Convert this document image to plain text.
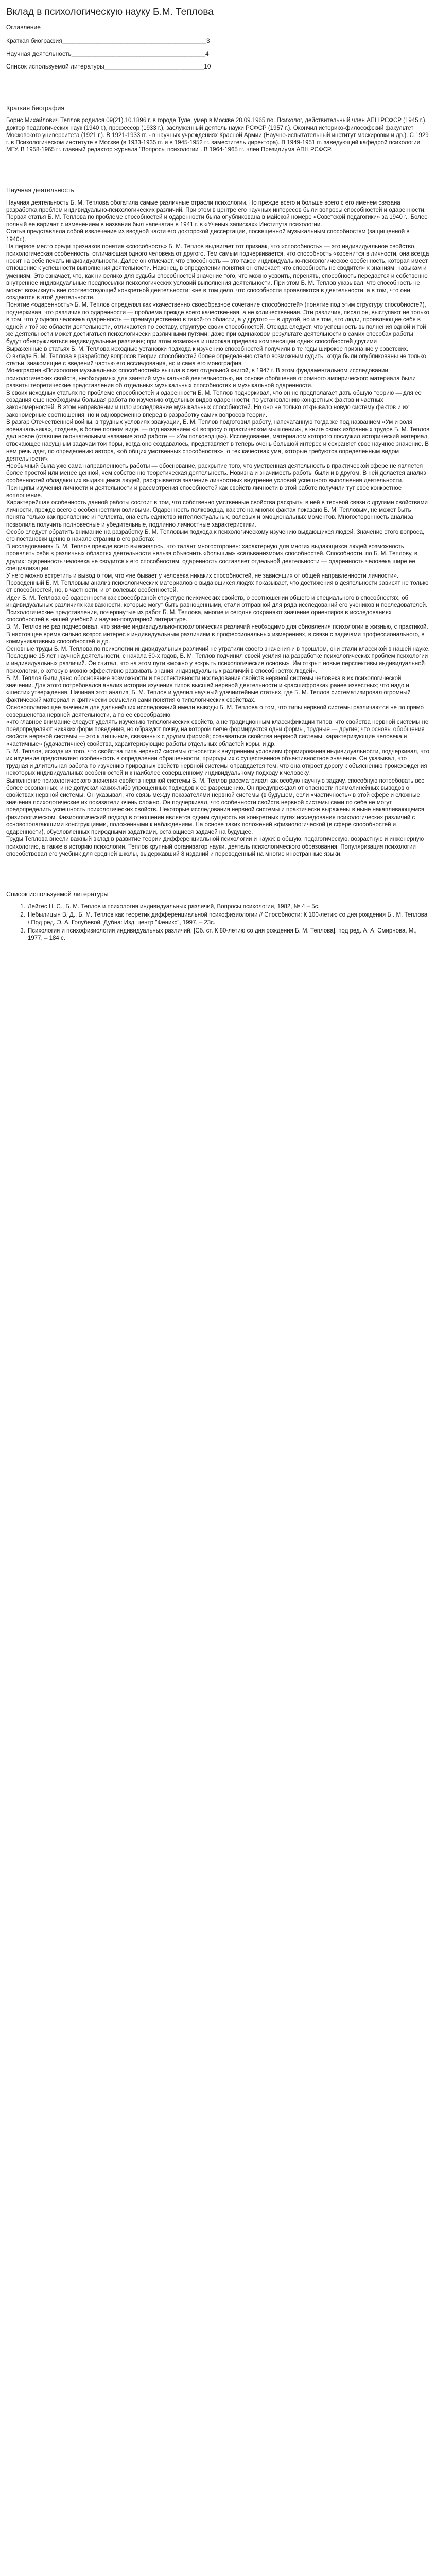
Вклад в психологическую науку Б.М. Теплова
Оглавление
Краткая биография__________________________________________3
Научная деятельность_______________________________________4
Список используемой литературы_____________________________10
Краткая биография

Борис Михайлович Теплов родился 09(21).10.1896 г. в городе Туле, умер в Москве 28.09.1965 гю. Психолог, действительный член АПН РСФСР (1945 г.), доктор педагогических наук (1940 г.), профессор (1933 г.), заслуженный деятель науки РСФСР (1957 г.). Окончил историко-философский факультет Московского университета (1921 г.). В 1921-1933 гг. - в научных учреждениях Красной Армии (Научно-испытательный институт маскировки и др.). С 1929 г. в Психологическом институте в Москве (в 1933-1935 гг. и в 1945-1952 гг. заместитель директора). В 1949-1951 гг. заведующий кафедрой психологии МГУ. В 1958-1965 гг. главный редактор журнала "Вопросы психологии". В 1964-1965 гг. член Президиума АПН РСФСР.

Научная деятельность

Научная деятельность Б. М. Теплова обогатила самые различные отрасли психологии. Но прежде всего и больше всего с его именем связана разработка проблем индивидуально-психологических различий. При этом в центре его научных интересов были вопросы способностей и одаренности.

Первая статья Б. М. Теплова по проблеме способностей и одаренности была опубликована в майской номере «Советской педагогики» за 1940 г.. Более полный ее вариант с изменением в названии был напечатан в 1941 г. в «Ученых записках» Института психологии.

Статья представляла собой извлечение из вводной части его докторской диссертации, посвященной музыкальным способностям (защищенной в 1940г.).

На первое место среди признаков понятия «способность» Б. М. Теплов выдвигает тот признак, что «способность» — это индивидуальное свойство, психологическая особенность, отличающая одного человека от другого. Тем самым подчеркивается, что способность «коренится в личности, она всегда носит на себе печать индивидуальности. Далее он отмечает, что способность — это такое индивидуально-психологическое особенность, которая имеет отношение к успешности выполнения деятельности. Наконец, в определении понятия он отмечает, что способность не сводится« к знаниям, навыкам и умениям. Это означает, что, как ни велико для судьбы способностей значение того, что можно усвоить, перенять, способность передается и собственно внутреннее индивидуальные предпосылки психологических условий выполнения деятельности. При этом Б. М. Теплов указывал, что способность не может возникнуть вне соответствующей конкретной деятельности: «не в том дело, что способности проявляются в деятельности, а в том, что они создаются в этой деятельности.

Понятие «одаренность» Б. М. Теплов определял как «качественно своеобразное сочетание способностей» (понятие под этим структуру способностей), подчеркивая, что различия по одаренности — проблема прежде всего качественная, а не количественная. Эти различия, писал он, выступают не только в том, что у одного человека одаренность — преимущественно в такой-то области, а у другого — в другой, но и в том, что люди, проявляющие себя в одной и той же области деятельности, отличаются по составу, структуре своих способностей. Отсюда следует, что успешность выполнения одной и той же деятельности может достигаться психологически различными путями: даже при одинаковом результате деятельности в самих способах работы будут обнаруживаться индивидуальные различия; при этом возможна и широкая пределах компенсации одних способностей другими

Выраженные в статьях Б. М. Теплова исходные установки подхода к изучению способностей получили в те годы широкое признание у советских.

О вкладе Б. М. Теплова в разработку вопросов теории способностей более определенно стало возможным судить, когда были опубликованы не только статьи, знакомящие с введений частью его исследования, но и сама его монография.

Монография «Психология музыкальных способностей» вышла в свет отдельной книгой, в 1947 г. В этом фундаментальном исследовании психологических свойств, необходимых для занятий музыкальной деятельностью, на основе обобщения огромного эмпирического материала были развиты теоретические представления об отдельных музыкальных способностях и музыкальной одаренности.

В своих исходных статьях по проблеме способностей и одаренности Б. М. Теплов подчеркивал, что он не предполагает дать общую теорию — для ее создания еще необходимы большая работа по изучению отдельных видов одаренности, по установлению конкретных фактов и частных закономерностей. В этом направлении и шло исследование музыкальных способностей. Но оно не только открывало новую систему фактов и их закономерные соотношения, но и одновременно вперед в разработку самих вопросов теории.

В разгар Отечественной войны, в трудных условиях эвакуации, Б. М. Теплов подготовил работу, напечатанную тогда же под названием «Ум и воля военачальника», позднее, в более полном виде, — под названием «К вопросу о практическом мышлении», в книге своих избранных трудов Б. М. Теплов дал новое (ставшее окончательным название этой работе — «Ум полководца»). Исследование, материалом которого послужил исторический материал, отвечающее насущным задачам той поры, когда оно создавалось, представляет в теперь очень большой интерес и сохраняет свое научное значение. В нем речь идет, по определению автора, «об общих умственных способностях», о тех качествах ума, которые требуются определенным видом деятельности».

Необычный была уже сама направленность работы — обоснование, раскрытие того, что умственная деятельность в практической сфере не является более простой или менее ценной, чем собственно теоретическая деятельность. Новизна и значимость работы были и в другом. В ней делается анализ особенностей обладающих выдающимся людей, раскрывается значение личностных внутренне условий успешного выполнения деятельности. Принципы изучения личности и деятельности и рассмотрения способностей как свойств личности в этой работе получили тут свое конкретное воплощение.

Характерейшая особенность данной работы состоит в том, что собственно умственные свойства раскрыты в ней в теснеой связи с другими свойствами личности, прежде всего с особенностями воливыми. Одаренность полководца, как это на многих фактах показано Б. М. Тепловым, не может быть понята только как проявление интеллекта, она есть единство интеллектуальных, волевых и эмоциональных моментов. Многосторонность анализа позволила получить полновесные и убедительные, подлинно личностные характеристики.

Особо следует обратить внимание на разработку Б. М. Тепловым подхода к психологическому изучению выдающихся людей. Значение этого вопроса, его постановки ценно в начале страниц в его работах

В исследованиях Б. М. Теплов прежде всего выяснялось, что талант многосторонен: характерную для многих выдающихся людей возможность проявлять себя в различных областях деятельности нельзя объяснить «большим» «сальванизмом» способностей. Способности, по Б. М. Теплову, в других: одаренность человека не сводится к его способностям, одаренность составляет отдельной деятельности — одаренность человека шире ее специализации.

У него можно встретить и вывод о том, что «не бывает у человека никаких способностей, не зависящих от общей направленности личности».

Проведенный Б. М. Тепловым анализ психологических материалов о выдающихся людях показывает, что достижения в деятельности зависят не только от способностей, но, в частности, и от волевых особенностей.

Идеи Б. М. Теплова об одаренности как своеобразной структуре психических свойств, о соотношении общего и специального в способностях, об индивидуальных различиях как важности, которые могут быть равноценными, стали отправной для ряда исследований его учеников и последователей. Психологические представления, почерпнутые из работ Б. М. Теплова, многие и сегодня сохраняют значение ориентиров в исследованиях способностей в нашей учебной и научно-популярной литературе.

В. М. Теплов не раз подчеркивал, что знание индивидуально-психологических различий необходимо для обновления психологии в жизнью, с практикой. В настоящее время сильно возрос интерес к индивидуальным различиям в профессиональных измерениях, в связи с задачами профессионального, в коммуникативных способностей и др.

Основные труды Б. М. Теплова по психологии индивидуальных различий не утратили своего значения и в прошлом, они стали классикой в нашей науке.

Последние 15 лет научной деятельности, с начала 50-х годов, Б. М. Теплов подчинил своей усилия на разработке психологических проблем психологии и индивидуальных различий. Он считал, что на этом пути «можно у вскрыть психологические основы». Им открыт новые перспективы индивидуальной психологии, о которую можно эффективно развивать знания индивидуальных различий в способностях людей».

Б. М. Теплов были дано обоснование возможности и перспективности исследования свойств нервной системы человека в их психологической значении. Для этого потребовался анализ истории изучения типов высшей нервной деятельности и «расшифровка» ранее известных; что надо и «шести» утверждения. Начиная этот анализ, Б. М. Теплов и уделил научный удачиитейные статьях, где Б. М. Теплов систематизировал огромный фактический материал и критически осмыслил сами понятия о типологических свойствах.

Основополагающее значение для дальнейших исследований имели выводы Б. М. Теплова о том, что типы нервной системы различаются не по прямо совершенства нервной деятельности, а по ее своеобразию:

«что главное внимание следует уделять изучению типологических свойств, а не традиционным классификации типов: что свойства нервной системы не предопределяют никаких форм поведения, но образуют почву, на которой легче формируются одни формы, трудные — другие; что основы обобщения свойств нервной системы — это к лишь-ние, связанных с другим фирмой; сознаваться свойства нервной системы, характеризующие человека и «частичные» (удачастичнее) свойства, характеризующие работы отдельных областей коры, и др.

Б. М. Теплов, исходя из того, что свойства типа нервной системы относятся к внутренним условиям формирования индивидуальности, подчеркивал, что их изучение представляет особенность в определении обращенности, природы их с существенное объективностное значение. Он указывал, что трудная и длительная работа по изучению природных свойств нервной системы оправдается тем, что она откроет дорогу к объяснению происхождения некоторых индивидуальных особенностей и к наиболее совершенному индивидуальному подходу к человеку.

Выполнение психологического значения свойств нервной системы Б. М. Теплов рассматривал как особую научную задачу, способную потребовать все более осознанных, и не допускал каких-либо упрощенных подходов к ее разрешению. Он предупреждал от опасности прямолинейных выводов о свойствах нервной системы. Он указывал, что связь между показателями нервной системы (в будущем, если «частичность» в этой сфере и сложные значения психологические их показатели очень сложно. Он подчеркивал, что особенности свойств нервной системы сами по себе не могут предопределить успешность психологических свойств. Некоторые исследования нервной системы и практически выражены в ныне накапливающемся физиологическом. Физиологический подход в отношении является одним сущность на конкретных путях исследования психологических различий с основополагающими конструкциями, положенными к наблюдениям. На основе таких положений «физиологической (в сфере способностей и одаренности), обусловленных природными задатками, остающиеся задачей на будущее.

Труды Теплова внесли важный вклад в развитие теории дифференциальной психологии и науки: в общую, педагогическую, возрастную и инженерную психологию, а также в историю психологии. Теплов крупный организатор науки, деятель психологического образования. Популяризация психологии

способствовал его учебник для средней школы, выдержавший 8 изданий и переведенный на многие иностранные языки.

Список используемой литературы
1. Лейтес Н. С., Б. М. Теплов и психология индивидуальных различий, Вопросы психологии, 1982, № 4 – 5с.
2. Небылицын В. Д., Б. М. Теплов как теоретик дифференциальной психофизиологии // Способности: К 100-летию со дня рождения Б . М. Теплова / Под ред. Э. А. Голубевой. Дубна: Изд. центр "Феникс", 1997. – 23с.
3. Психология и психофизиология индивидуальных различий. [Сб. ст. К 80-летию со дня рождения Б. М. Теплова], под ред. А. А. Смирнова, М., 1977. – 184 с.
